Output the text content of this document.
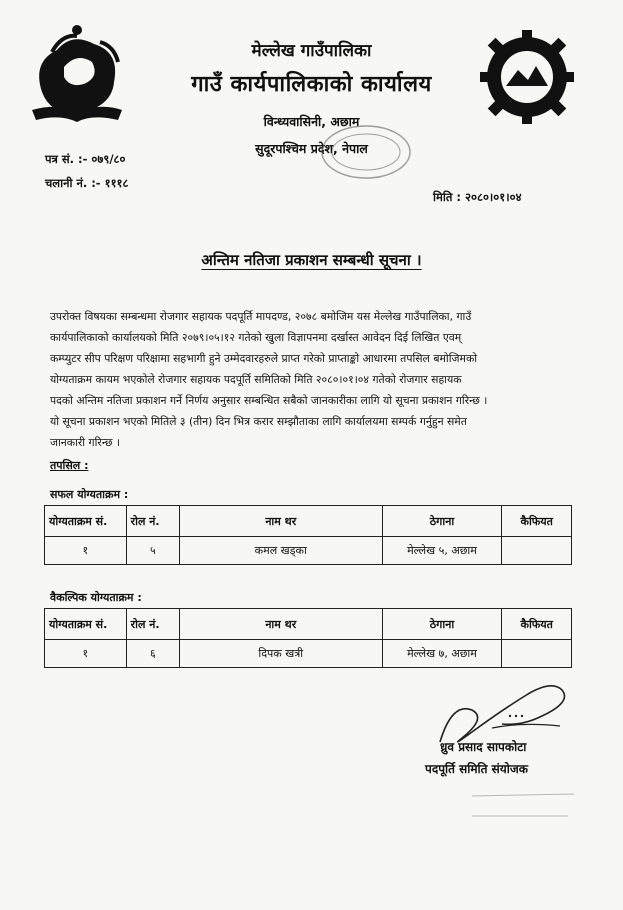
मेल्लेख गाउँपालिका
गाउँ कार्यपालिकाको कार्यालय
विन्ध्यवासिनी, अछाम
सुदूरपश्चिम प्रदेश, नेपाल
पत्र सं. :- ०७९/८०
चलानी नं. :- १११८
मिति : २०८०।०१।०४
अन्तिम नतिजा प्रकाशन सम्बन्धी सूचना ।
उपरोक्त विषयका सम्बन्धमा रोजगार सहायक पदपूर्ति मापदण्ड, २०७८ बमोजिम यस मेल्लेख गाउँपालिका, गाउँ
कार्यपालिकाको कार्यालयको मिति २०७९।०५।१२ गतेको खुला विज्ञापनमा दर्खास्त आवेदन दिई लिखित एवम्
कम्प्युटर सीप परिक्षण परिक्षामा सहभागी हुने उम्मेदवारहरुले प्राप्त गरेको प्राप्ताङ्को आधारमा तपसिल बमोजिमको
योग्यताक्रम कायम भएकोले रोजगार सहायक पदपूर्ति समितिको मिति २०८०।०१।०४ गतेको रोजगार सहायक
पदको अन्तिम नतिजा प्रकाशन गर्ने निर्णय अनुसार सम्बन्धित सबैको जानकारीका लागि यो सूचना प्रकाशन गरिन्छ ।
यो सूचना प्रकाशन भएको मितिले ३ (तीन) दिन भित्र करार सम्झौताका लागि कार्यालयमा सम्पर्क गर्नुहुन समेत
जानकारी गरिन्छ ।
तपसिल :
सफल योग्यताक्रम :
योग्यताक्रम सं.	रोल नं.	नाम थर	ठेगाना	कैफियत
१	५	कमल खड्का	मेल्लेख ५, अछाम	
वैकल्पिक योग्यताक्रम :
योग्यताक्रम सं.	रोल नं.	नाम थर	ठेगाना	कैफियत
१	६	दिपक खत्री	मेल्लेख ७, अछाम	
ध्रुव प्रसाद सापकोटा
पदपूर्ति समिति संयोजक
